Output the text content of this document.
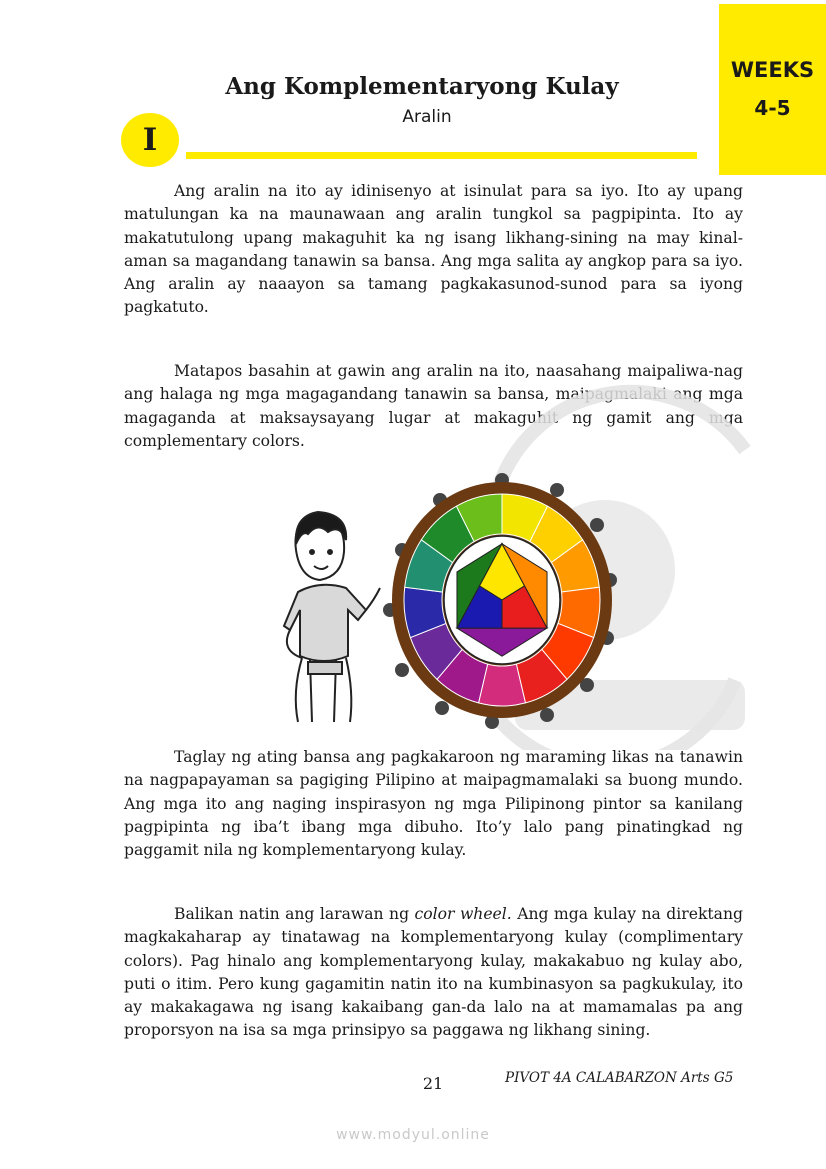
WEEKS
4-5
Ang Komplementaryong Kulay
Aralin
I

Ang aralin na ito ay idinisenyo at isinulat para sa iyo. Ito ay upang matulungan ka na maunawaan ang aralin tungkol sa pagpipinta. Ito ay makatutulong upang makaguhit ka ng isang likhang-sining na may kinal-aman sa magandang tanawin sa bansa. Ang mga salita ay angkop para sa iyo. Ang aralin ay naaayon sa tamang pagkakasunod-sunod para sa iyong pagkatuto.

Matapos basahin at gawin ang aralin na ito, naasahang maipaliwa-nag ang halaga ng mga magagandang tanawin sa bansa, maipagmalaki ang mga magaganda at maksaysayang lugar at makaguhit ng gamit ang mga complementary colors.

Taglay ng ating bansa ang pagkakaroon ng maraming likas na tanawin na nagpapayaman sa pagiging Pilipino at maipagmamalaki sa buong mundo. Ang mga ito ang naging inspirasyon ng mga Pilipinong pintor sa kanilang pagpipinta ng iba’t ibang mga dibuho. Ito’y lalo pang pinatingkad ng paggamit nila ng komplementaryong kulay.

Balikan natin ang larawan ng color wheel. Ang mga kulay na direktang magkakaharap ay tinatawag na komplementaryong kulay (complimentary colors). Pag hinalo ang komplementaryong kulay, makakabuo ng kulay abo, puti o itim. Pero kung gagamitin natin ito na kumbinasyon sa pagkukulay, ito ay makakagawa ng isang kakaibang gan-da lalo na at mamamalas pa ang proporsyon na isa sa mga prinsipyo sa paggawa ng likhang sining.

21	PIVOT 4A CALABARZON Arts G5
www.modyul.online
